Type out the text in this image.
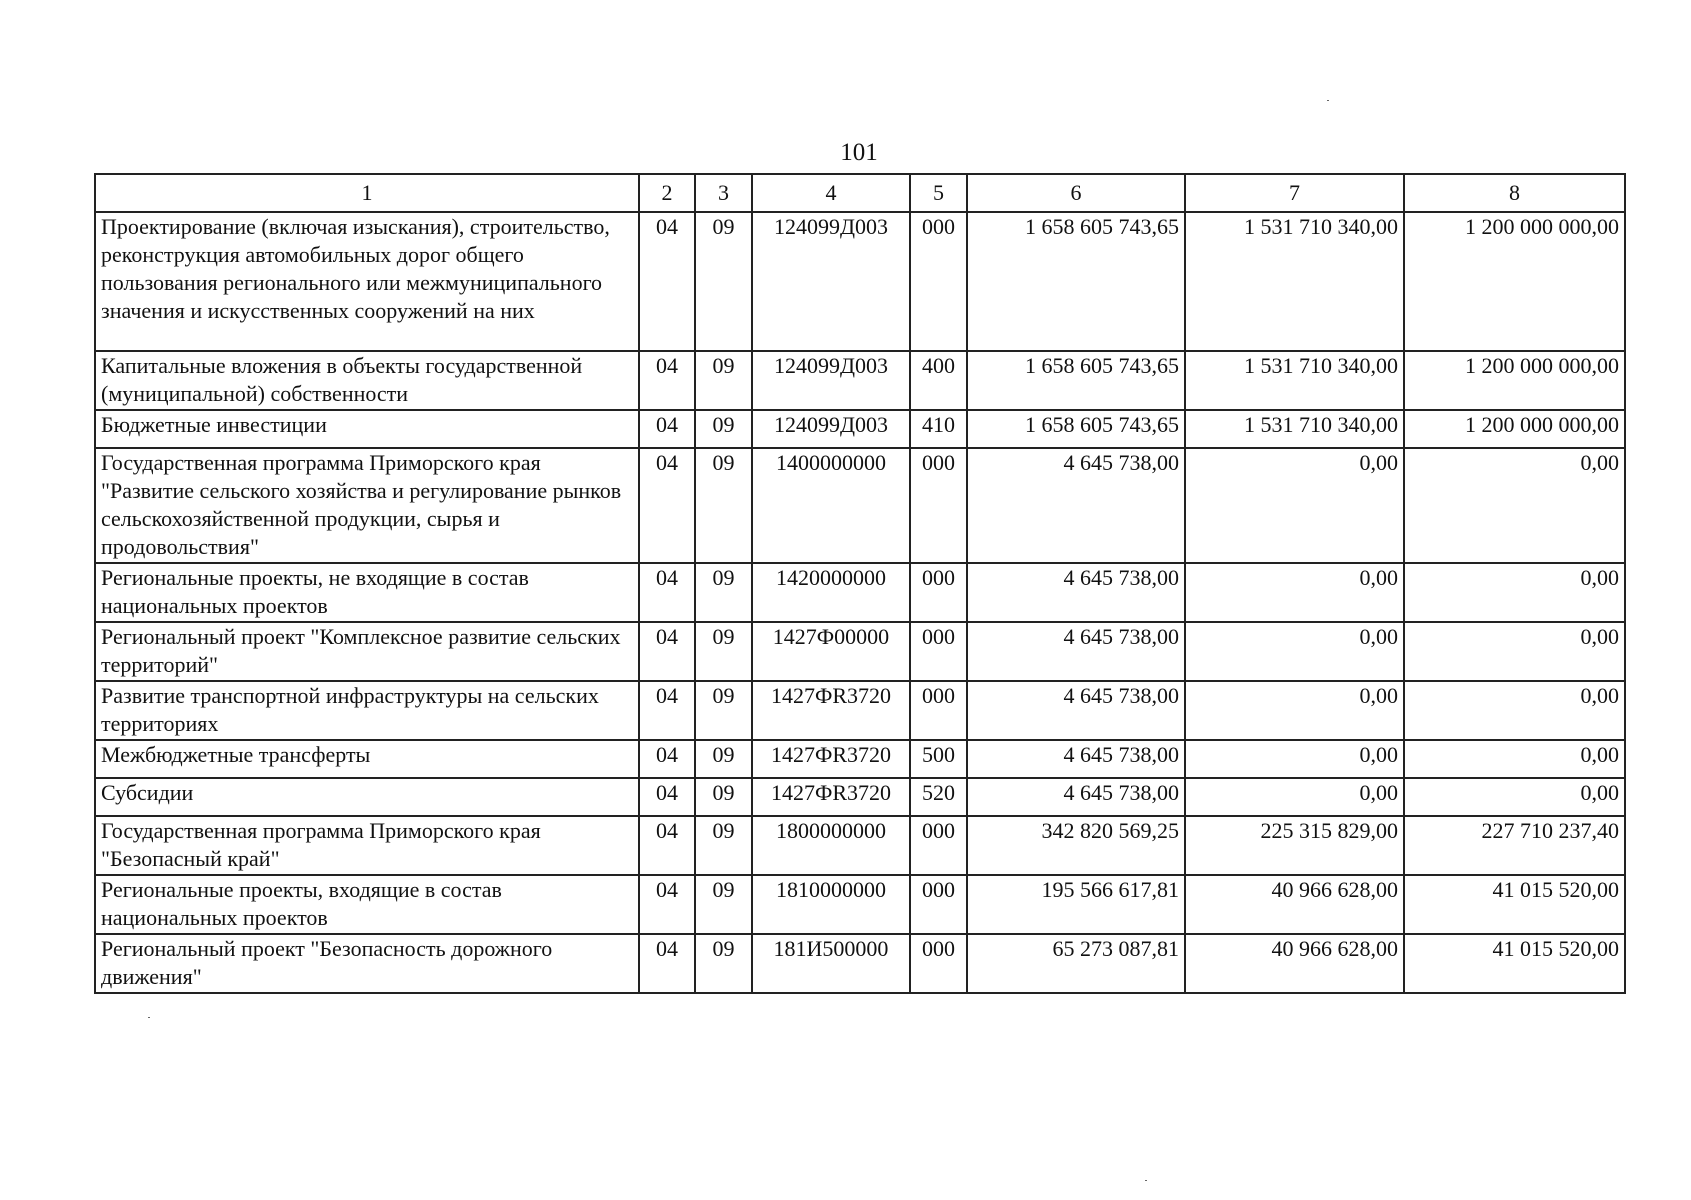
101
1	2	3	4	5	6	7	8
Проектирование (включая изыскания), строительство, реконструкция автомобильных дорог общего пользования регионального или межмуниципального значения и искусственных сооружений на них	04	09	124099Д003	000	1 658 605 743,65	1 531 710 340,00	1 200 000 000,00
Капитальные вложения в объекты государственной (муниципальной) собственности	04	09	124099Д003	400	1 658 605 743,65	1 531 710 340,00	1 200 000 000,00
Бюджетные инвестиции	04	09	124099Д003	410	1 658 605 743,65	1 531 710 340,00	1 200 000 000,00
Государственная программа Приморского края "Развитие сельского хозяйства и регулирование рынков сельскохозяйственной продукции, сырья и продовольствия"	04	09	1400000000	000	4 645 738,00	0,00	0,00
Региональные проекты, не входящие в состав национальных проектов	04	09	1420000000	000	4 645 738,00	0,00	0,00
Региональный проект "Комплексное развитие сельских территорий"	04	09	1427Ф00000	000	4 645 738,00	0,00	0,00
Развитие транспортной инфраструктуры на сельских территориях	04	09	1427ФR3720	000	4 645 738,00	0,00	0,00
Межбюджетные трансферты	04	09	1427ФR3720	500	4 645 738,00	0,00	0,00
Субсидии	04	09	1427ФR3720	520	4 645 738,00	0,00	0,00
Государственная программа Приморского края "Безопасный край"	04	09	1800000000	000	342 820 569,25	225 315 829,00	227 710 237,40
Региональные проекты, входящие в состав национальных проектов	04	09	1810000000	000	195 566 617,81	40 966 628,00	41 015 520,00
Региональный проект "Безопасность дорожного движения"	04	09	181И500000	000	65 273 087,81	40 966 628,00	41 015 520,00
